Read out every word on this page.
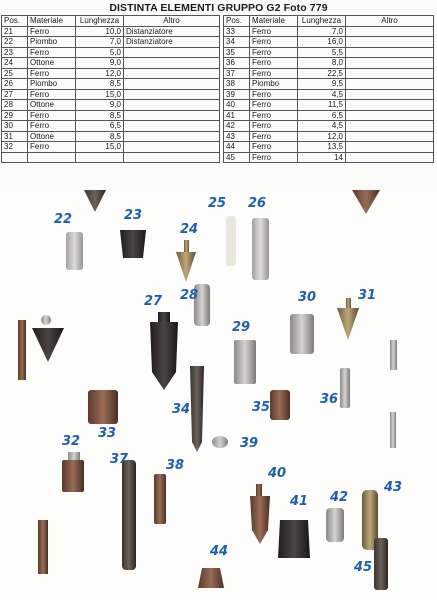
DISTINTA ELEMENTI GRUPPO G2 Foto 779
Pos.	Materiale	Lunghezza	Altro
21	Ferro	10,0	Distanziatore
22	Piombo	7,0	Distanziatore
23	Ferro	5,0	
24	Ottone	9,0	
25	Ferro	12,0	
26	Piombo	8,5	
27	Ferro	15,0	
28	Ottone	9,0	
29	Ferro	8,5	
30	Ferro	6,5	
31	Ottone	8,5	
32	Ferro	15,0	

Pos.	Materiale	Lunghezza	Altro
33	Ferro	7,0	
34	Ferro	16,0	
35	Ferro	5,5	
36	Ferro	8,0	
37	Ferro	22,5	
38	Piombo	9,5	
39	Ferro	4,5	
40	Ferro	11,5	
41	Ferro	6,5	
42	Ferro	4,5	
43	Ferro	12,0	
44	Ferro	13,5	
45	Ferro	14	
22	23
24
25 26
27 28
29
30	31
32
33
34	35
36
37	38
39
40
41 42
43
44
45
